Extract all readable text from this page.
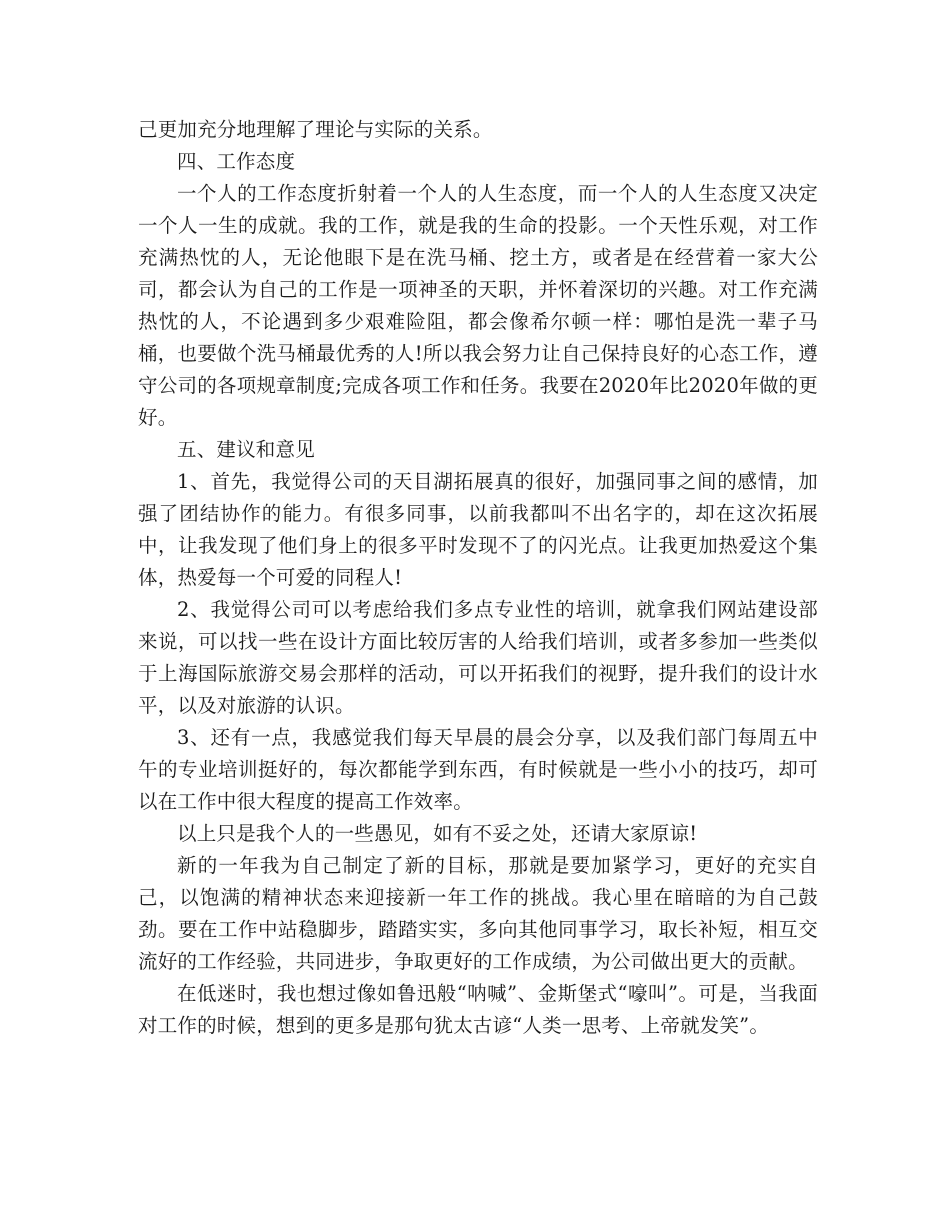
己更加充分地理解了理论与实际的关系。

四、工作态度

一个人的工作态度折射着一个人的人生态度，而一个人的人生态度又决定一个人一生的成就。我的工作，就是我的生命的投影。一个天性乐观，对工作充满热忱的人，无论他眼下是在洗马桶、挖土方，或者是在经营着一家大公司，都会认为自己的工作是一项神圣的天职，并怀着深切的兴趣。对工作充满热忱的人，不论遇到多少艰难险阻，都会像希尔顿一样：哪怕是洗一辈子马桶，也要做个洗马桶最优秀的人!所以我会努力让自己保持良好的心态工作，遵守公司的各项规章制度;完成各项工作和任务。我要在2020年比2020年做的更好。

五、建议和意见

1、首先，我觉得公司的天目湖拓展真的很好，加强同事之间的感情，加强了团结协作的能力。有很多同事，以前我都叫不出名字的，却在这次拓展中，让我发现了他们身上的很多平时发现不了的闪光点。让我更加热爱这个集体，热爱每一个可爱的同程人!

2、我觉得公司可以考虑给我们多点专业性的培训，就拿我们网站建设部来说，可以找一些在设计方面比较厉害的人给我们培训，或者多参加一些类似于上海国际旅游交易会那样的活动，可以开拓我们的视野，提升我们的设计水平，以及对旅游的认识。

3、还有一点，我感觉我们每天早晨的晨会分享，以及我们部门每周五中午的专业培训挺好的，每次都能学到东西，有时候就是一些小小的技巧，却可以在工作中很大程度的提高工作效率。

以上只是我个人的一些愚见，如有不妥之处，还请大家原谅!

新的一年我为自己制定了新的目标，那就是要加紧学习，更好的充实自己，以饱满的精神状态来迎接新一年工作的挑战。我心里在暗暗的为自己鼓劲。要在工作中站稳脚步，踏踏实实，多向其他同事学习，取长补短，相互交流好的工作经验，共同进步，争取更好的工作成绩，为公司做出更大的贡献。

在低迷时，我也想过像如鲁迅般“呐喊”、金斯堡式“嚎叫”。可是，当我面对工作的时候，想到的更多是那句犹太古谚“人类一思考、上帝就发笑”。
